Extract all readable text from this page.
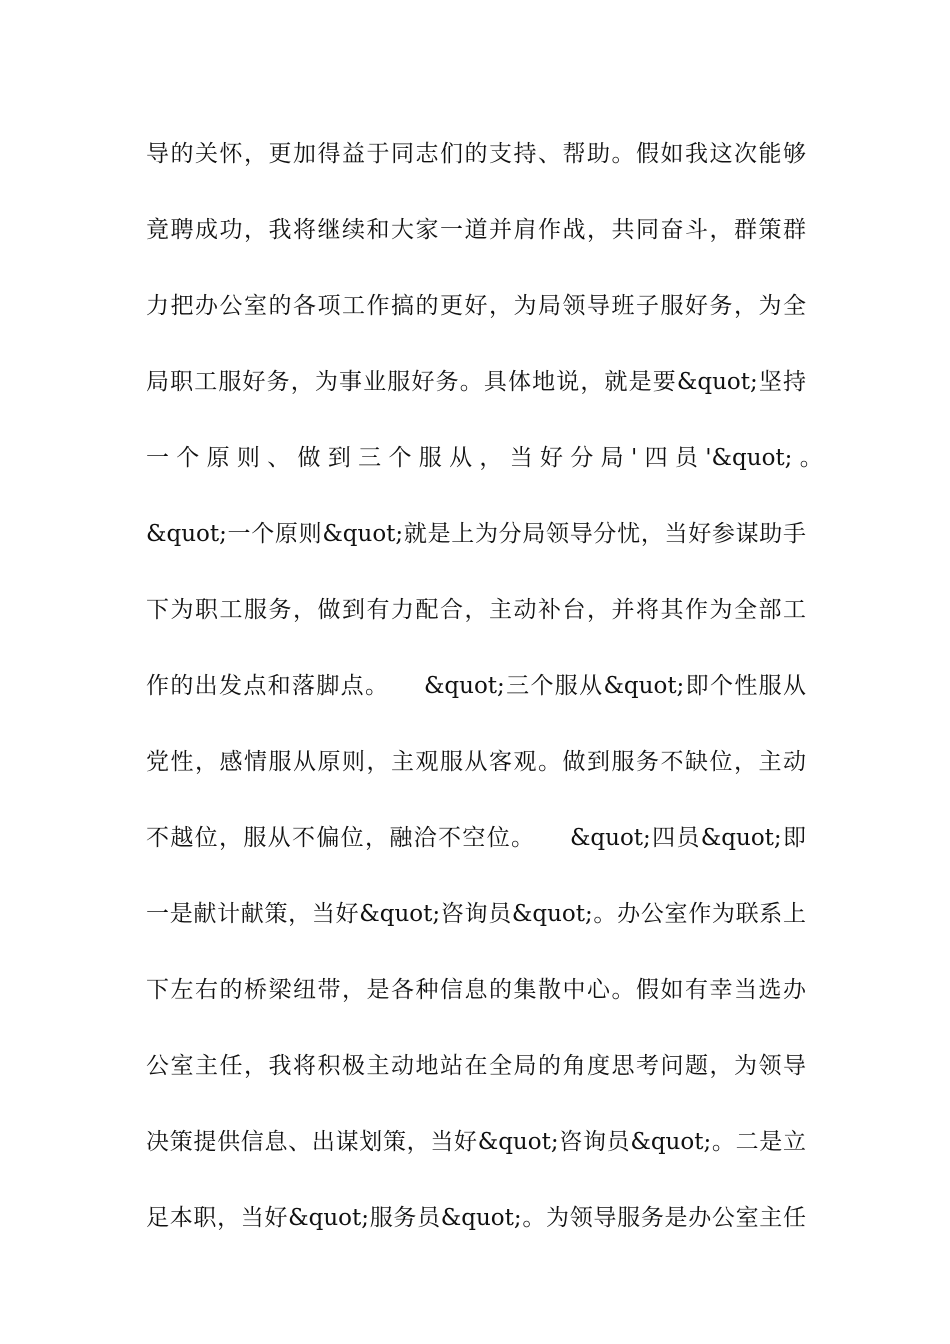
导的关怀，更加得益于同志们的支持、帮助。假如我这次能够
竟聘成功，我将继续和大家一道并肩作战，共同奋斗，群策群
力把办公室的各项工作搞的更好，为局领导班子服好务，为全
局职工服好务，为事业服好务。具体地说，就是要&quot;坚持
一 个 原 则 、 做 到 三 个 服 从 ， 当 好 分 局 ' 四 员 '&quot; 。
&quot;一个原则&quot;就是上为分局领导分忧，当好参谋助手
下为职工服务，做到有力配合，主动补台，并将其作为全部工
作的出发点和落脚点。    &quot;三个服从&quot;即个性服从
党性，感情服从原则，主观服从客观。做到服务不缺位，主动
不越位，服从不偏位，融洽不空位。    &quot;四员&quot;即
一是献计献策，当好&quot;咨询员&quot;。办公室作为联系上
下左右的桥梁纽带，是各种信息的集散中心。假如有幸当选办
公室主任，我将积极主动地站在全局的角度思考问题，为领导
决策提供信息、出谋划策，当好&quot;咨询员&quot;。二是立
足本职，当好&quot;服务员&quot;。为领导服务是办公室主任
